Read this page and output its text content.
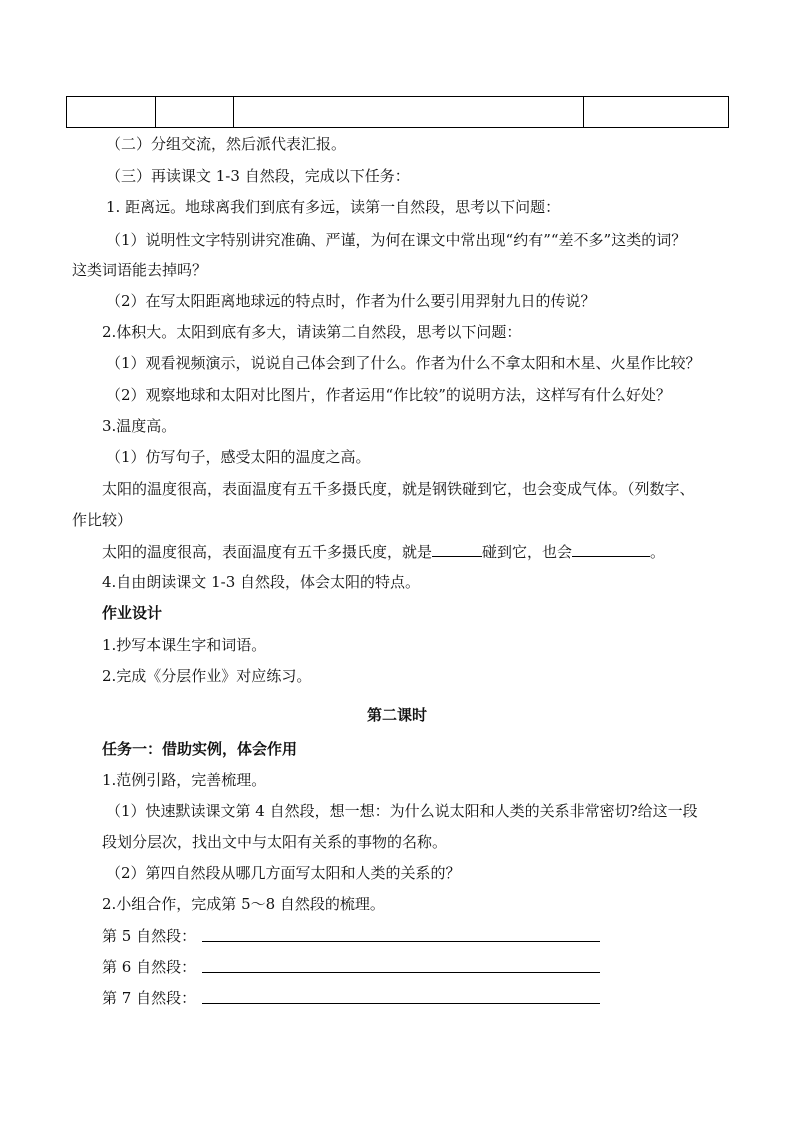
（二）分组交流，然后派代表汇报。
（三）再读课文 1-3 自然段，完成以下任务：
1. 距离远。地球离我们到底有多远，读第一自然段，思考以下问题：
（1）说明性文字特别讲究准确、严谨，为何在课文中常出现“约有”“差不多”这类的词？
这类词语能去掉吗？
（2）在写太阳距离地球远的特点时，作者为什么要引用羿射九日的传说？
2.体积大。太阳到底有多大，请读第二自然段，思考以下问题：
（1）观看视频演示，说说自己体会到了什么。作者为什么不拿太阳和木星、火星作比较？
（2）观察地球和太阳对比图片，作者运用“作比较”的说明方法，这样写有什么好处？
3.温度高。
（1）仿写句子，感受太阳的温度之高。
太阳的温度很高，表面温度有五千多摄氏度，就是钢铁碰到它，也会变成气体。（列数字、
作比较）
太阳的温度很高，表面温度有五千多摄氏度，就是	碰到它，也会	。
4.自由朗读课文 1-3 自然段，体会太阳的特点。
作业设计
1.抄写本课生字和词语。
2.完成《分层作业》对应练习。
第二课时
任务一：借助实例，体会作用
1.范例引路，完善梳理。
（1）快速默读课文第 4 自然段，想一想：为什么说太阳和人类的关系非常密切?给这一段
段划分层次，找出文中与太阳有关系的事物的名称。
（2）第四自然段从哪几方面写太阳和人类的关系的？
2.小组合作，完成第 5～8 自然段的梳理。
第 5 自然段：
第 6 自然段：
第 7 自然段：
